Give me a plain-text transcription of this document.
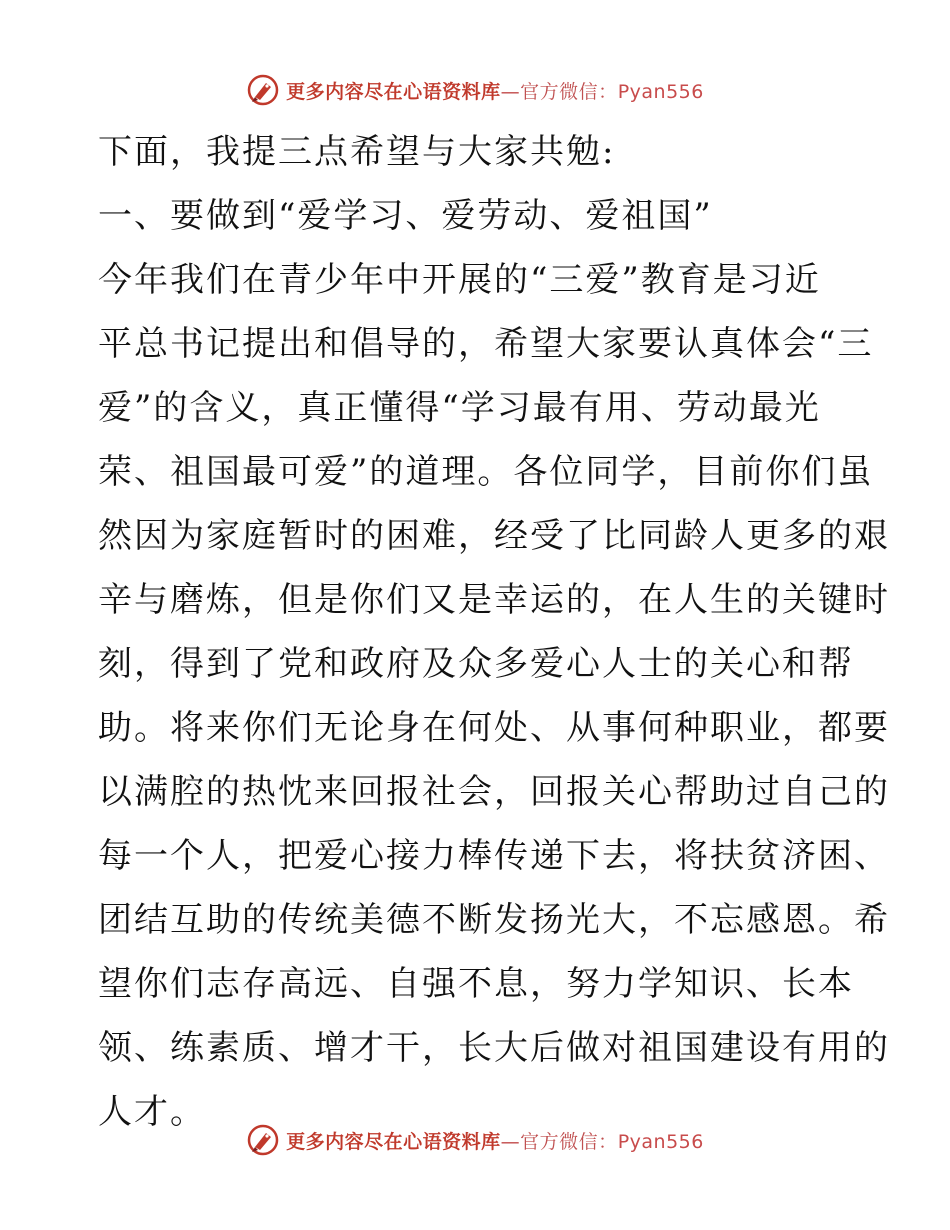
更多内容尽在心语资料库—官方微信：Pyan556
下面，我提三点希望与大家共勉:
一、要做到“爱学习、爱劳动、爱祖国”
今年我们在青少年中开展的“三爱”教育是习近
平总书记提出和倡导的，希望大家要认真体会“三
爱”的含义，真正懂得“学习最有用、劳动最光
荣、祖国最可爱”的道理。各位同学，目前你们虽
然因为家庭暂时的困难，经受了比同龄人更多的艰
辛与磨炼，但是你们又是幸运的，在人生的关键时
刻，得到了党和政府及众多爱心人士的关心和帮
助。将来你们无论身在何处、从事何种职业，都要
以满腔的热忱来回报社会，回报关心帮助过自己的
每一个人，把爱心接力棒传递下去，将扶贫济困、
团结互助的传统美德不断发扬光大，不忘感恩。希
望你们志存高远、自强不息，努力学知识、长本
领、练素质、增才干，长大后做对祖国建设有用的
人才。
更多内容尽在心语资料库—官方微信：Pyan556
